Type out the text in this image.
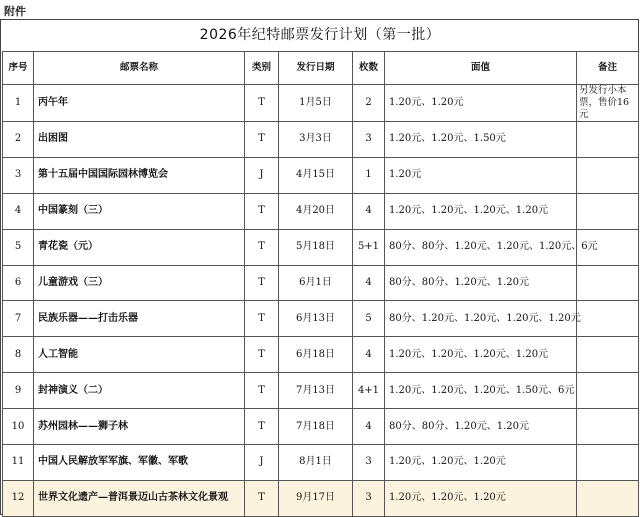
附件
2026年纪特邮票发行计划（第一批）
序号	邮票名称	类别	发行日期	枚数	面值	备注
1	丙午年	T	1月5日	2	1.20元、1.20元	另发行小本票，售价16元
2	出困图	T	3月3日	3	1.20元、1.20元、1.50元	
3	第十五届中国国际园林博览会	J	4月15日	1	1.20元	
4	中国篆刻（三）	T	4月20日	4	1.20元、1.20元、1.20元、1.20元	
5	青花瓷（元）	T	5月18日	5+1	80分、80分、1.20元、1.20元、1.20元、6元	
6	儿童游戏（三）	T	6月1日	4	80分、80分、1.20元、1.20元	
7	民族乐器——打击乐器	T	6月13日	5	80分、1.20元、1.20元、1.20元、1.20元	
8	人工智能	T	6月18日	4	1.20元、1.20元、1.20元、1.20元	
9	封神演义（二）	T	7月13日	4+1	1.20元、1.20元、1.20元、1.50元、6元	
10	苏州园林——狮子林	T	7月18日	4	80分、80分、1.20元、1.20元	
11	中国人民解放军军旗、军徽、军歌	J	8月1日	3	1.20元、1.20元、1.20元	
12	世界文化遗产—普洱景迈山古茶林文化景观	T	9月17日	3	1.20元、1.20元、1.20元	
